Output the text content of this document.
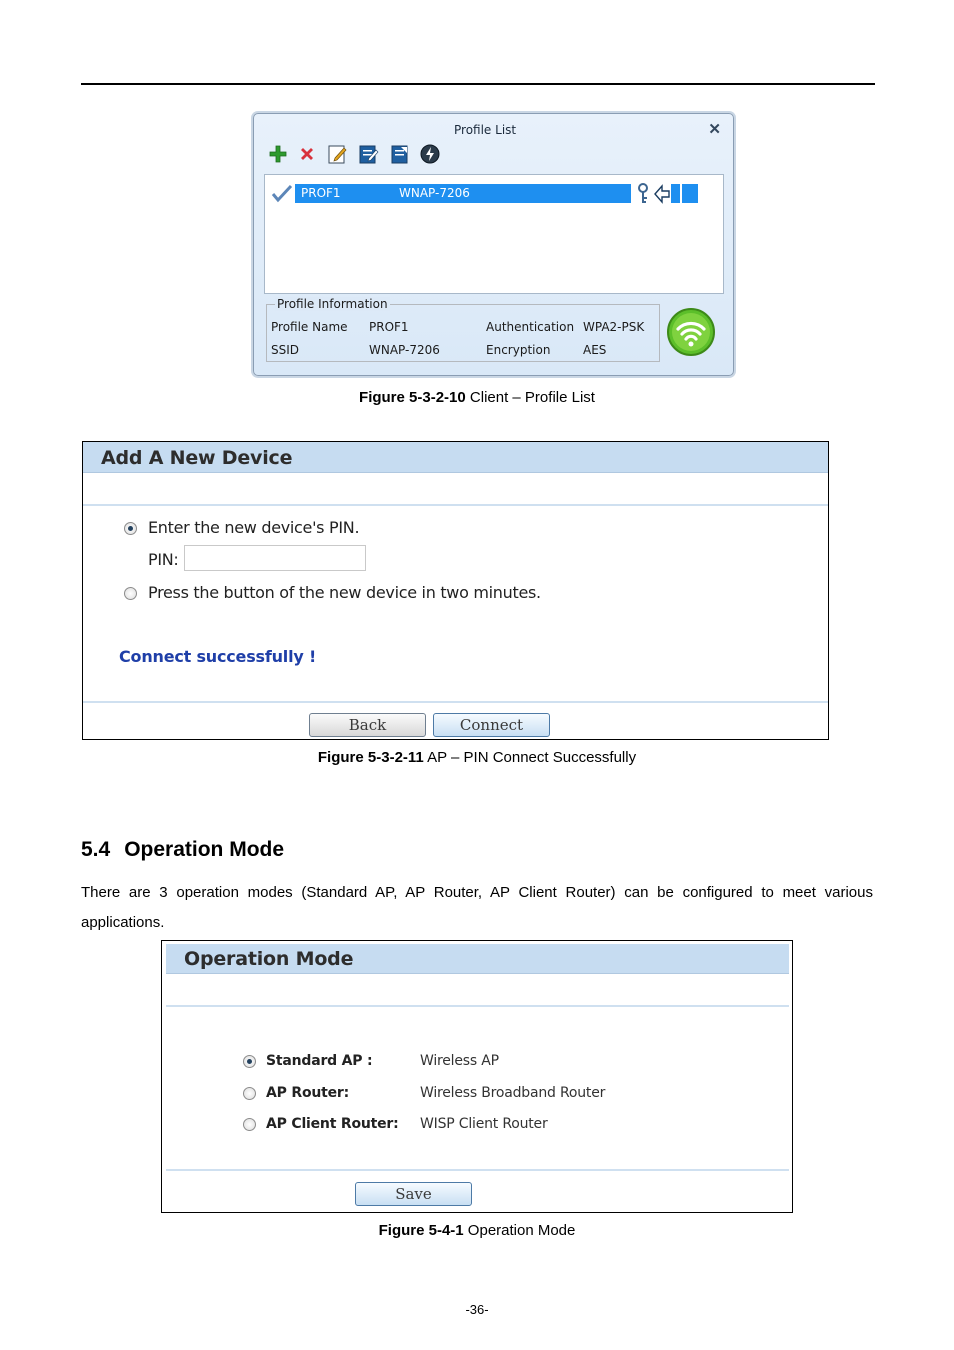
Profile List	✕
PROF1	WNAP-7206
Profile Information
Profile Name PROF1	Authentication WPA2-PSK
SSID	WNAP-7206	Encryption	AES
Figure 5-3-2-10 Client – Profile List
Add A New Device
Enter the new device's PIN.
PIN:
Press the button of the new device in two minutes.
Connect successfully !
Back	Connect
Figure 5-3-2-11 AP – PIN Connect Successfully
5.4 Operation Mode
There are 3 operation modes (Standard AP, AP Router, AP Client Router) can be configured to meet various applications.
Operation Mode
Standard AP :	Wireless AP
AP Router:	Wireless Broadband Router
AP Client Router: WISP Client Router
Save
Figure 5-4-1 Operation Mode
-36-
